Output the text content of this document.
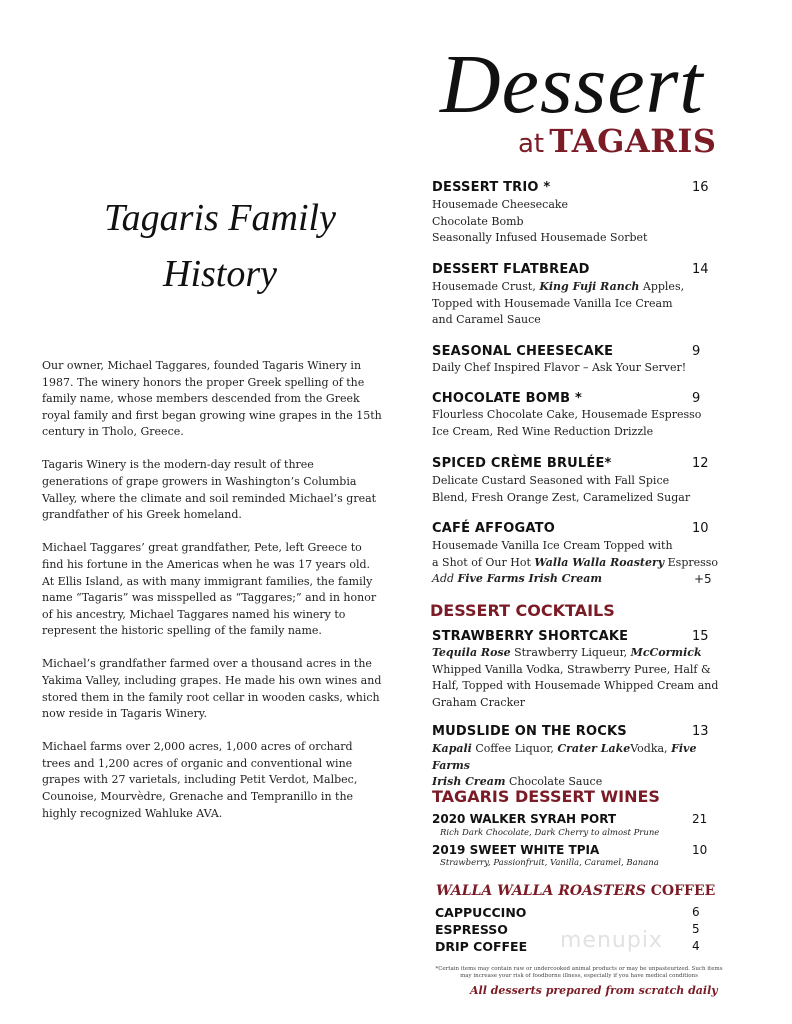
Dessert
at TAGARIS
Tagaris Family
History

Our owner, Michael Taggares, founded Tagaris Winery in 1987. The winery honors the proper Greek spelling of the family name, whose members descended from the Greek royal family and first began growing wine grapes in the 15th century in Tholo, Greece.

Tagaris Winery is the modern-day result of three generations of grape growers in Washington’s Columbia Valley, where the climate and soil reminded Michael’s great grandfather of his Greek homeland.

Michael Taggares’ great grandfather, Pete, left Greece to find his fortune in the Americas when he was 17 years old. At Ellis Island, as with many immigrant families, the family name “Tagaris” was misspelled as “Taggares;” and in honor of his ancestry, Michael Taggares named his winery to represent the historic spelling of the family name.

Michael’s grandfather farmed over a thousand acres in the Yakima Valley, including grapes. He made his own wines and stored them in the family root cellar in wooden casks, which now reside in Tagaris Winery.

Michael farms over 2,000 acres, 1,000 acres of orchard trees and 1,200 acres of organic and conventional wine grapes with 27 varietals, including Petit Verdot, Malbec, Counoise, Mourvèdre, Grenache and Tempranillo in the highly recognized Wahluke AVA.

DESSERT TRIO *	16
Housemade Cheesecake
Chocolate Bomb
Seasonally Infused Housemade Sorbet
DESSERT FLATBREAD	14
Housemade Crust, King Fuji Ranch Apples,
Topped with Housemade Vanilla Ice Cream
and Caramel Sauce
SEASONAL CHEESECAKE	9
Daily Chef Inspired Flavor – Ask Your Server!
CHOCOLATE BOMB *	9
Flourless Chocolate Cake, Housemade Espresso
Ice Cream, Red Wine Reduction Drizzle
SPICED CRÈME BRULÉE*	12
Delicate Custard Seasoned with Fall Spice
Blend, Fresh Orange Zest, Caramelized Sugar
CAFÉ AFFOGATO	10
Housemade Vanilla Ice Cream Topped with
a Shot of Our Hot Walla Walla Roastery Espresso
Add Five Farms Irish Cream	+5
DESSERT COCKTAILS
STRAWBERRY SHORTCAKE	15
Tequila Rose Strawberry Liqueur, McCormick
Whipped Vanilla Vodka, Strawberry Puree, Half &
Half, Topped with Housemade Whipped Cream and
Graham Cracker
MUDSLIDE ON THE ROCKS	13
Kapali Coffee Liquor, Crater LakeVodka, Five Farms
Irish Cream Chocolate Sauce
TAGARIS DESSERT WINES
2020 WALKER SYRAH PORT	21
Rich Dark Chocolate, Dark Cherry to almost Prune
2019 SWEET WHITE TPIA	10
Strawberry, Passionfruit, Vanilla, Caramel, Banana
WALLA WALLA ROASTERS COFFEE
CAPPUCCINO	6
ESPRESSO	5
DRIP COFFEE	4
menupix
*Certain items may contain raw or undercooked animal products or may be unpasteurized. Such items
may increase your risk of foodborne illness, especially if you have medical conditions
All desserts prepared from scratch daily
